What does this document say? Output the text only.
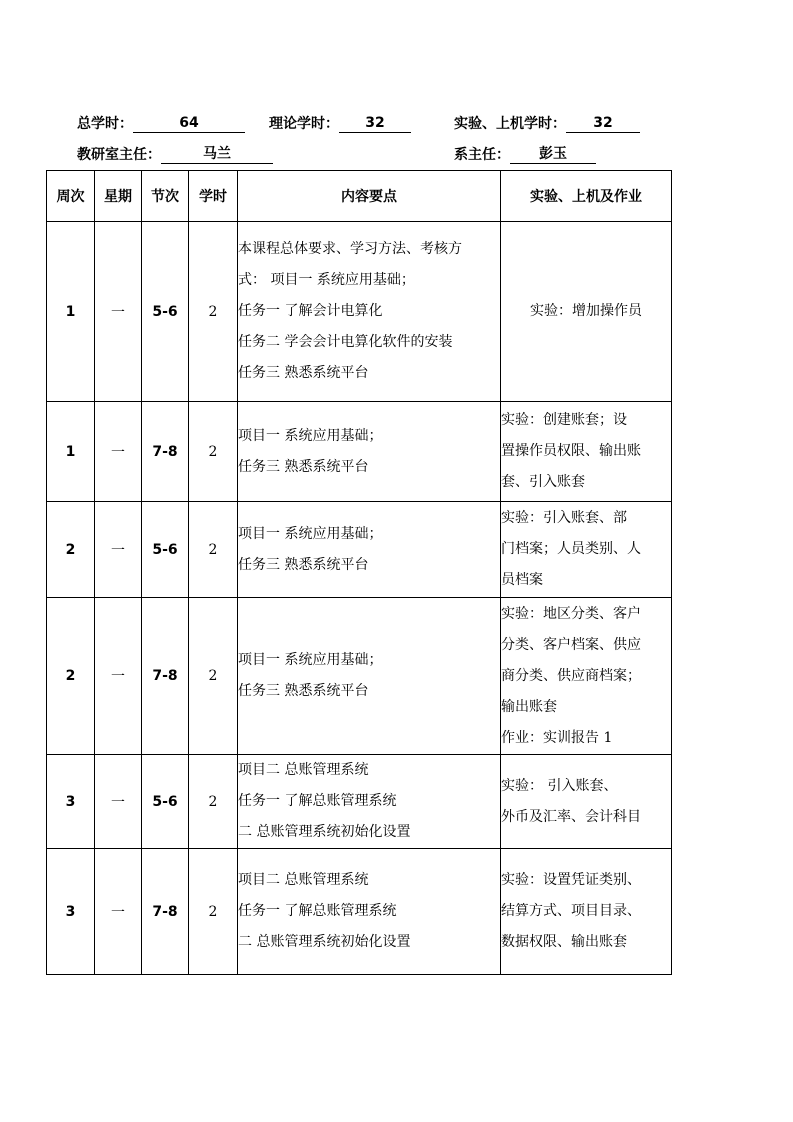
总学时：	64	理论学时： 32	实验、上机学时： 32
教研室主任：	马兰	系主任： 彭玉
周次	星期	节次	学时	内容要点	实验、上机及作业
1	一	5-6	2	本课程总体要求、学习方法、考核方
式： 项目一 系统应用基础；
任务一 了解会计电算化
任务二 学会会计电算化软件的安装
任务三 熟悉系统平台	实验：增加操作员

1	一	7-8	2	项目一 系统应用基础；
任务三 熟悉系统平台	实验：创建账套；设
置操作员权限、输出账
套、引入账套

2	一	5-6	2	项目一 系统应用基础；
任务三 熟悉系统平台	实验：引入账套、部
门档案；人员类别、人
员档案

2	一	7-8	2	项目一 系统应用基础；
任务三 熟悉系统平台	实验：地区分类、客户
分类、客户档案、供应
商分类、供应商档案；
输出账套
作业：实训报告 1

3	一	5-6	2	项目二 总账管理系统
任务一 了解总账管理系统
二 总账管理系统初始化设置	实验： 引入账套、
外币及汇率、会计科目

3	一	7-8	2	项目二 总账管理系统
任务一 了解总账管理系统
二 总账管理系统初始化设置	实验：设置凭证类别、
结算方式、项目目录、
数据权限、输出账套
